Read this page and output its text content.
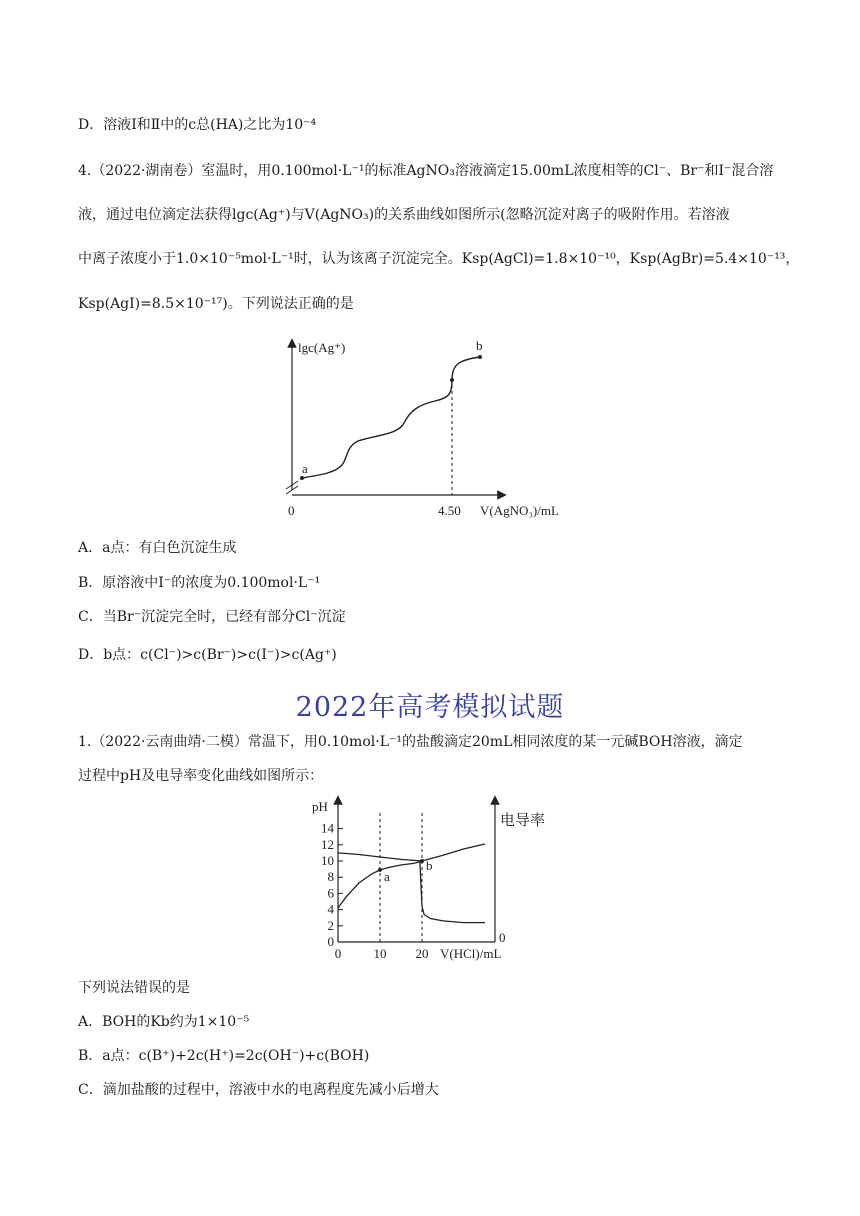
D．溶液Ⅰ和Ⅱ中的c总(HA)之比为10⁻⁴
4.（2022·湖南卷）室温时，用0.100mol·L⁻¹的标准AgNO₃溶液滴定15.00mL浓度相等的Cl⁻、Br⁻和I⁻混合溶
液，通过电位滴定法获得lgc(Ag⁺)与V(AgNO₃)的关系曲线如图所示(忽略沉淀对离子的吸附作用。若溶液
中离子浓度小于1.0×10⁻⁵mol·L⁻¹时，认为该离子沉淀完全。Ksp(AgCl)=1.8×10⁻¹⁰，Ksp(AgBr)=5.4×10⁻¹³，
Ksp(AgI)=8.5×10⁻¹⁷)。下列说法正确的是
lgc(Ag⁺)
a
b
0	4.50 V(AgNO₃)/mL
A．a点：有白色沉淀生成
B．原溶液中I⁻的浓度为0.100mol·L⁻¹
C．当Br⁻沉淀完全时，已经有部分Cl⁻沉淀
D．b点：c(Cl⁻)>c(Br⁻)>c(I⁻)>c(Ag⁺)
2022年高考模拟试题
1.（2022·云南曲靖·二模）常温下，用0.10mol·L⁻¹的盐酸滴定20mL相同浓度的某一元碱BOH溶液，滴定
过程中pH及电导率变化曲线如图所示：
0
2
4
6
8
10
12
14
0 10 20
pH
电导率
a
b
0
V(HCl)/mL
下列说法错误的是
A．BOH的Kb约为1×10⁻⁵
B．a点：c(B⁺)+2c(H⁺)=2c(OH⁻)+c(BOH)
C．滴加盐酸的过程中，溶液中水的电离程度先减小后增大
